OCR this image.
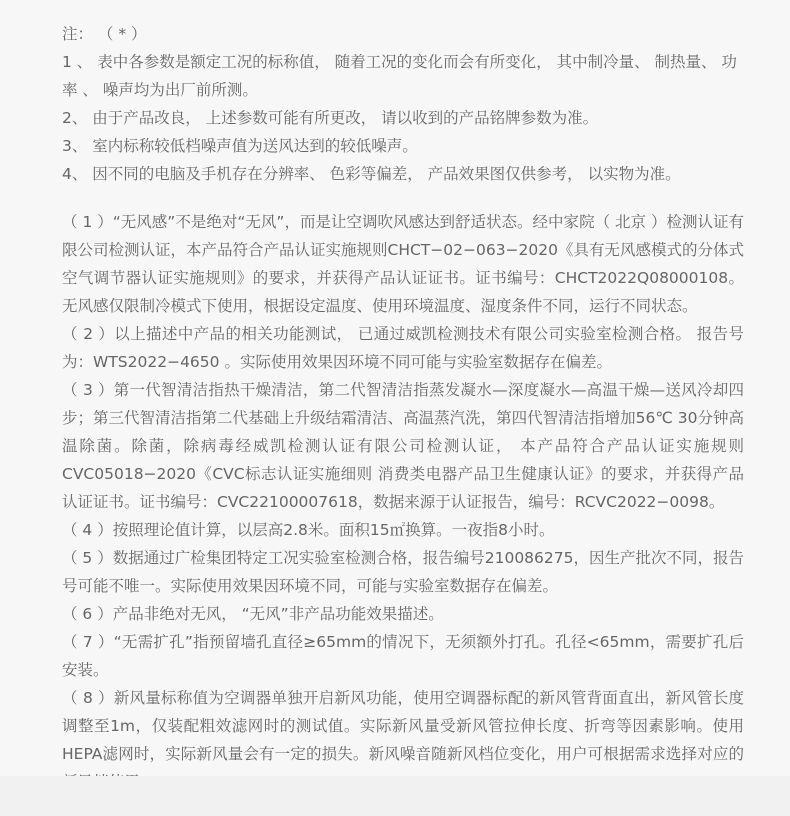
注： （ * ）
1 、 表中各参数是额定工况的标称值， 随着工况的变化而会有所变化， 其中制冷量、 制热量、 功率 、 噪声均为出厂前所测。
2、 由于产品改良， 上述参数可能有所更改， 请以收到的产品铭牌参数为准。
3、 室内标称较低档噪声值为送风达到的较低噪声。
4、 因不同的电脑及手机存在分辨率、 色彩等偏差， 产品效果图仅供参考， 以实物为准。
（ 1 ）“无风感”不是绝对“无风”，而是让空调吹风感达到舒适状态。经中家院（ 北京 ）检测认证有限公司检测认证，本产品符合产品认证实施规则CHCT−02−063−2020《具有无风感模式的分体式空气调节器认证实施规则》的要求，并获得产品认证证书。证书编号：CHCT2022Q08000108。无风感仅限制冷模式下使用，根据设定温度、使用环境温度、湿度条件不同，运行不同状态。
（ 2 ）以上描述中产品的相关功能测试， 已通过威凯检测技术有限公司实验室检测合格。 报告号为：WTS2022−4650 。实际使用效果因环境不同可能与实验室数据存在偏差。
（ 3 ）第一代智清洁指热干燥清洁，第二代智清洁指蒸发凝水—深度凝水—高温干燥—送风冷却四步；第三代智清洁指第二代基础上升级结霜清洁、高温蒸汽洗，第四代智清洁指增加56℃ 30分钟高温除菌。除菌，除病毒经威凯检测认证有限公司检测认证， 本产品符合产品认证实施规则CVC05018−2020《CVC标志认证实施细则 消费类电器产品卫生健康认证》的要求，并获得产品认证证书。证书编号：CVC22100007618，数据来源于认证报告，编号：RCVC2022−0098。
（ 4 ）按照理论值计算，以层高2.8米。面积15㎡换算。一夜指8小时。
（ 5 ）数据通过广检集团特定工况实验室检测合格，报告编号210086275，因生产批次不同，报告号可能不唯一。实际使用效果因环境不同，可能与实验室数据存在偏差。
（ 6 ）产品非绝对无风， “无风”非产品功能效果描述。
（ 7 ）“无需扩孔”指预留墙孔直径≥65mm的情况下，无须额外打孔。孔径<65mm，需要扩孔后安装。
（ 8 ）新风量标称值为空调器单独开启新风功能，使用空调器标配的新风管背面直出，新风管长度调整至1m，仅装配粗效滤网时的测试值。实际新风量受新风管拉伸长度、折弯等因素影响。使用HEPA滤网时，实际新风量会有一定的损失。新风噪音随新风档位变化，用户可根据需求选择对应的
